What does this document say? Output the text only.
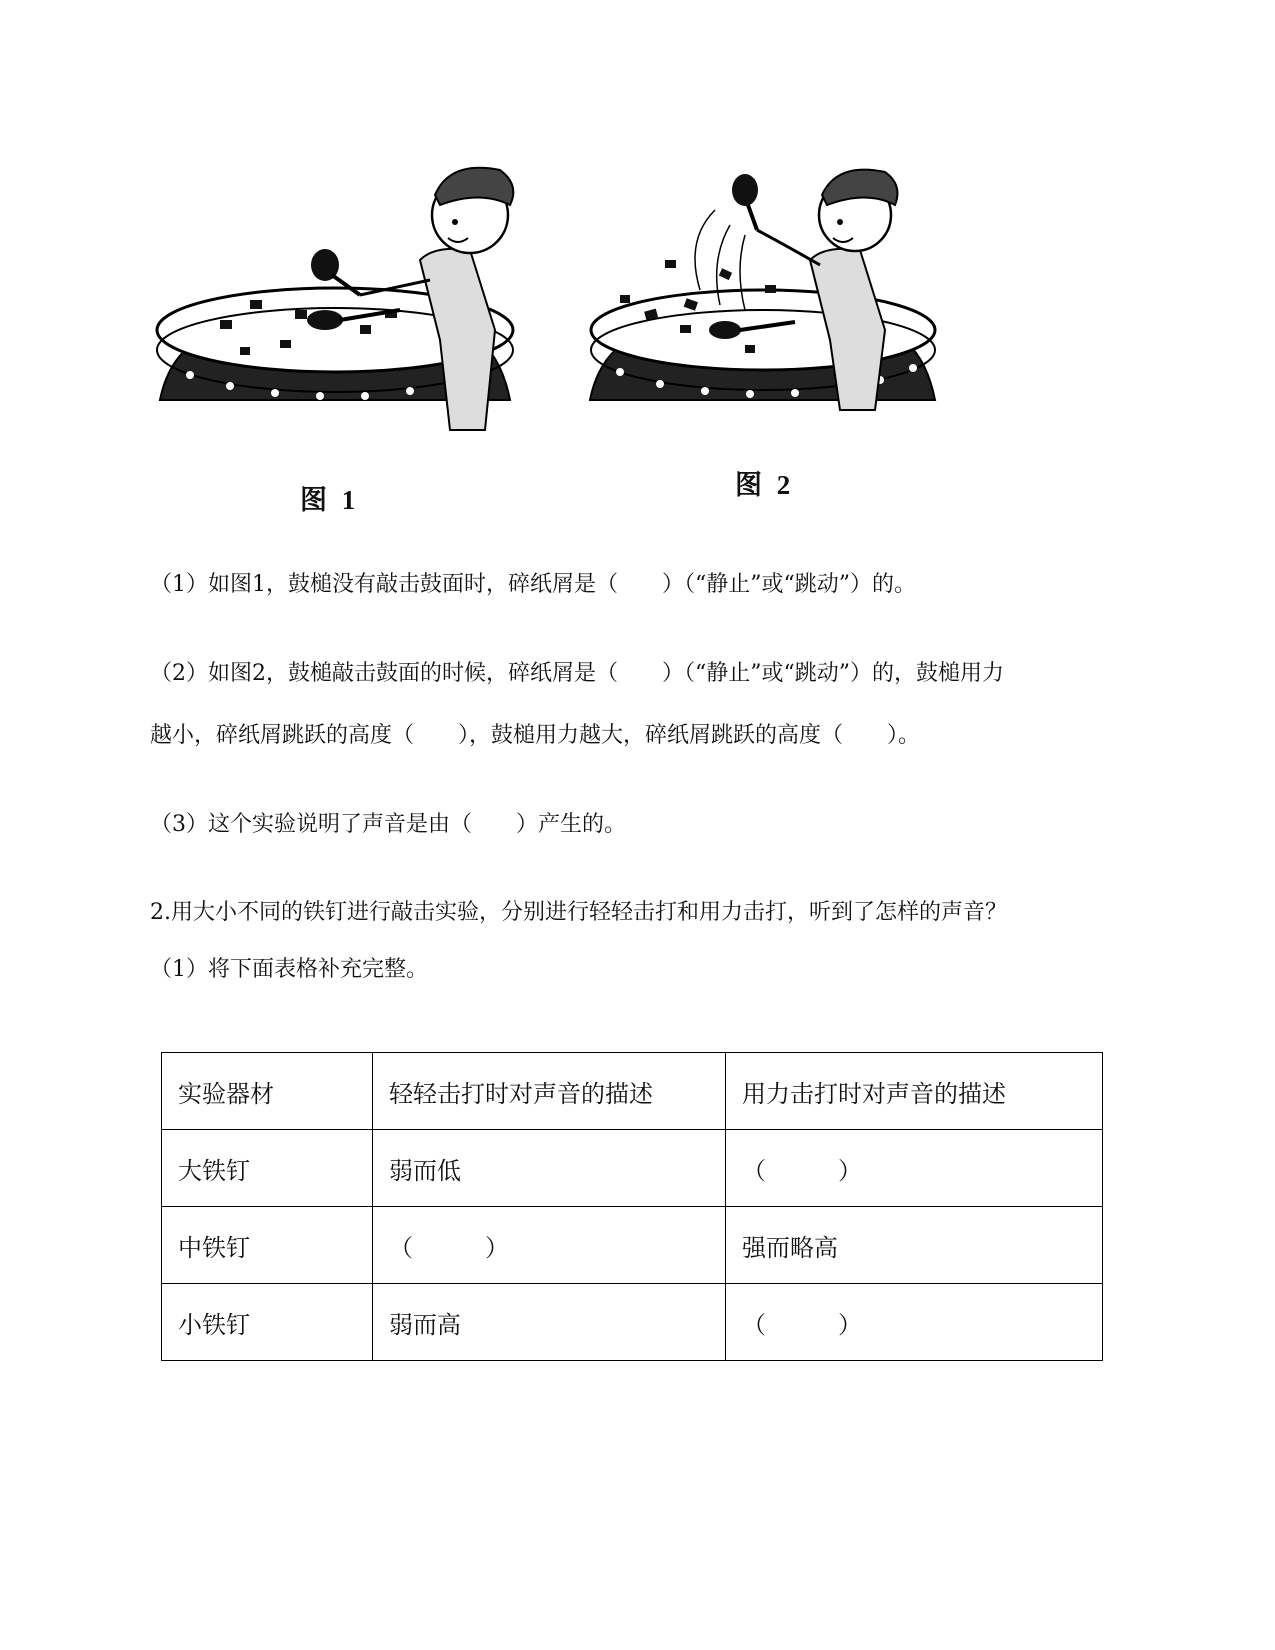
图 1	图 2
（1）如图1，鼓槌没有敲击鼓面时，碎纸屑是（　　）（“静止”或“跳动”）的。
（2）如图2，鼓槌敲击鼓面的时候，碎纸屑是（　　）（“静止”或“跳动”）的，鼓槌用力
越小，碎纸屑跳跃的高度（　　），鼓槌用力越大，碎纸屑跳跃的高度（　　）。
（3）这个实验说明了声音是由（　　）产生的。
2.用大小不同的铁钉进行敲击实验，分别进行轻轻击打和用力击打，听到了怎样的声音？
（1）将下面表格补充完整。
实验器材	轻轻击打时对声音的描述	用力击打时对声音的描述
大铁钉	弱而低	（　　　）
中铁钉	（　　　）	强而略高
小铁钉	弱而高	（　　　）
